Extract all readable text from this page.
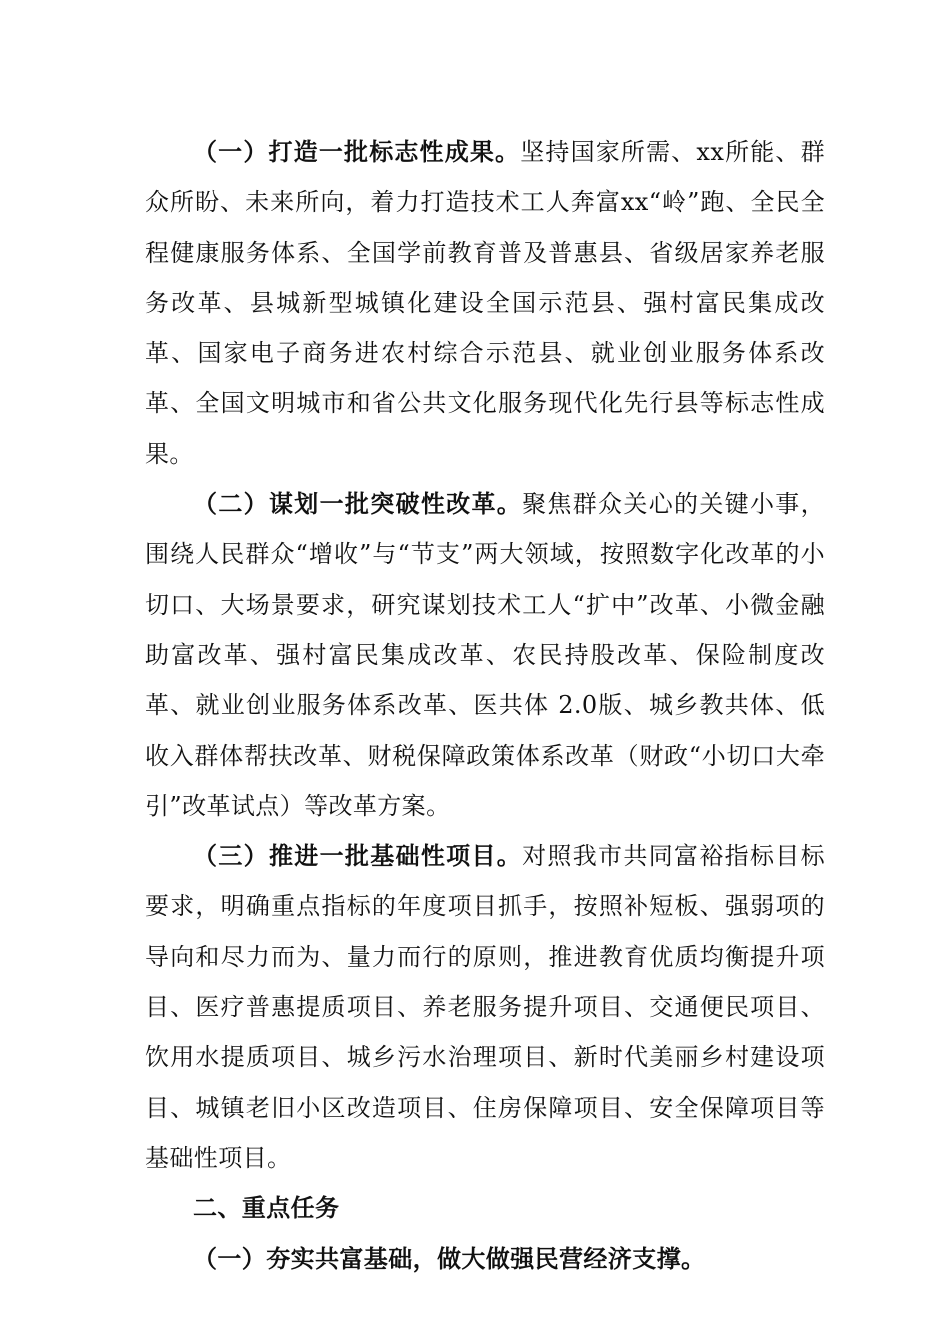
（一）打造一批标志性成果。坚持国家所需、xx所能、群众所盼、未来所向，着力打造技术工人奔富xx“岭”跑、全民全程健康服务体系、全国学前教育普及普惠县、省级居家养老服务改革、县城新型城镇化建设全国示范县、强村富民集成改革、国家电子商务进农村综合示范县、就业创业服务体系改革、全国文明城市和省公共文化服务现代化先行县等标志性成果。

（二）谋划一批突破性改革。聚焦群众关心的关键小事，围绕人民群众“增收”与“节支”两大领域，按照数字化改革的小切口、大场景要求，研究谋划技术工人“扩中”改革、小微金融助富改革、强村富民集成改革、农民持股改革、保险制度改革、就业创业服务体系改革、医共体 2.0版、城乡教共体、低收入群体帮扶改革、财税保障政策体系改革（财政“小切口大牵引”改革试点）等改革方案。

（三）推进一批基础性项目。对照我市共同富裕指标目标要求，明确重点指标的年度项目抓手，按照补短板、强弱项的导向和尽力而为、量力而行的原则，推进教育优质均衡提升项目、医疗普惠提质项目、养老服务提升项目、交通便民项目、饮用水提质项目、城乡污水治理项目、新时代美丽乡村建设项目、城镇老旧小区改造项目、住房保障项目、安全保障项目等基础性项目。

二、重点任务

（一）夯实共富基础，做大做强民营经济支撑。
